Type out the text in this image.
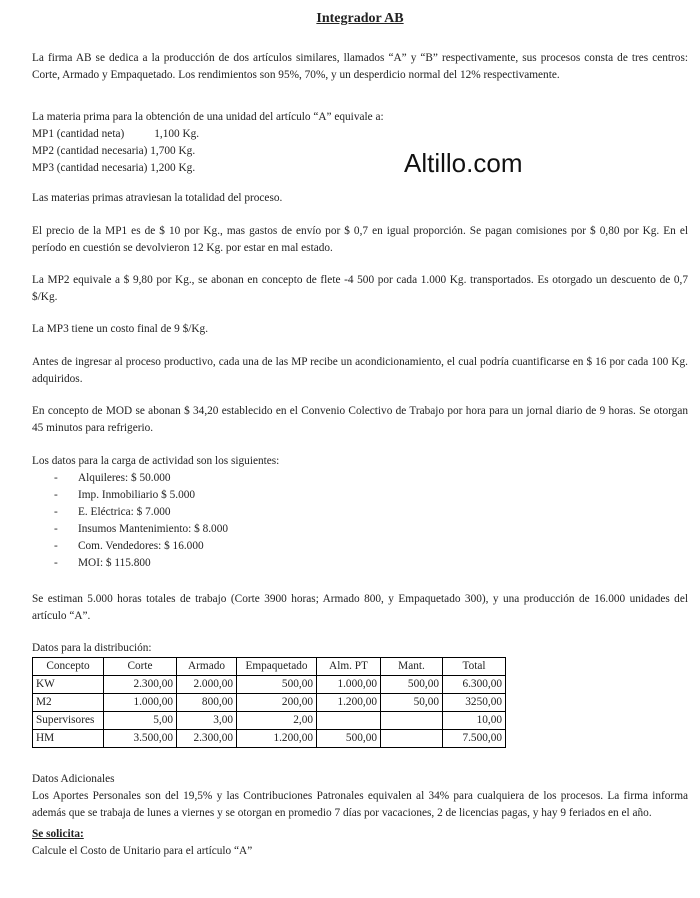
Integrador AB

La firma AB se dedica a la producción de dos artículos similares, llamados “A” y “B” respectivamente, sus procesos consta de tres centros: Corte, Armado y Empaquetado. Los rendimientos son 95%, 70%, y un desperdicio normal del 12% respectivamente.

La materia prima para la obtención de una unidad del artículo “A” equivale a:

MP1 (cantidad neta)	1,100 Kg.

MP2 (cantidad necesaria) 1,700 Kg.

MP3 (cantidad necesaria) 1,200 Kg.

Las materias primas atraviesan la totalidad del proceso.

El precio de la MP1 es de $ 10 por Kg., mas gastos de envío por $ 0,7 en igual proporción. Se pagan comisiones por $ 0,80 por Kg. En el período en cuestión se devolvieron 12 Kg. por estar en mal estado.

La MP2 equivale a $ 9,80 por Kg., se abonan en concepto de flete -4 500 por cada 1.000 Kg. transportados. Es otorgado un descuento de 0,7 $/Kg.

La MP3 tiene un costo final de 9 $/Kg.

Antes de ingresar al proceso productivo, cada una de las MP recibe un acondicionamiento, el cual podría cuantificarse en $ 16 por cada 100 Kg. adquiridos.

En concepto de MOD se abonan $ 34,20 establecido en el Convenio Colectivo de Trabajo por hora para un jornal diario de 9 horas. Se otorgan 45 minutos para refrigerio.

Los datos para la carga de actividad son los siguientes:

- Alquileres: $ 50.000
- Imp. Inmobiliario $ 5.000
- E. Eléctrica: $ 7.000
- Insumos Mantenimiento: $ 8.000
- Com. Vendedores: $ 16.000
- MOI: $ 115.800

Se estiman 5.000 horas totales de trabajo (Corte 3900 horas; Armado 800, y Empaquetado 300), y una producción de 16.000 unidades del artículo “A”.

Datos para la distribución:

Concepto	Corte	Armado	Empaquetado	Alm. PT	Mant.	Total
KW	2.300,00	2.000,00	500,00	1.000,00	500,00	6.300,00
M2	1.000,00	800,00	200,00	1.200,00	50,00	3250,00
Supervisores	5,00	3,00	2,00			10,00
HM	3.500,00	2.300,00	1.200,00	500,00		7.500,00

Datos Adicionales

Los Aportes Personales son del 19,5% y las Contribuciones Patronales equivalen al 34% para cualquiera de los procesos. La firma informa además que se trabaja de lunes a viernes y se otorgan en promedio 7 días por vacaciones, 2 de licencias pagas, y hay 9 feriados en el año.

Se solicita:

Calcule el Costo de Unitario para el artículo “A”

Altillo.com
